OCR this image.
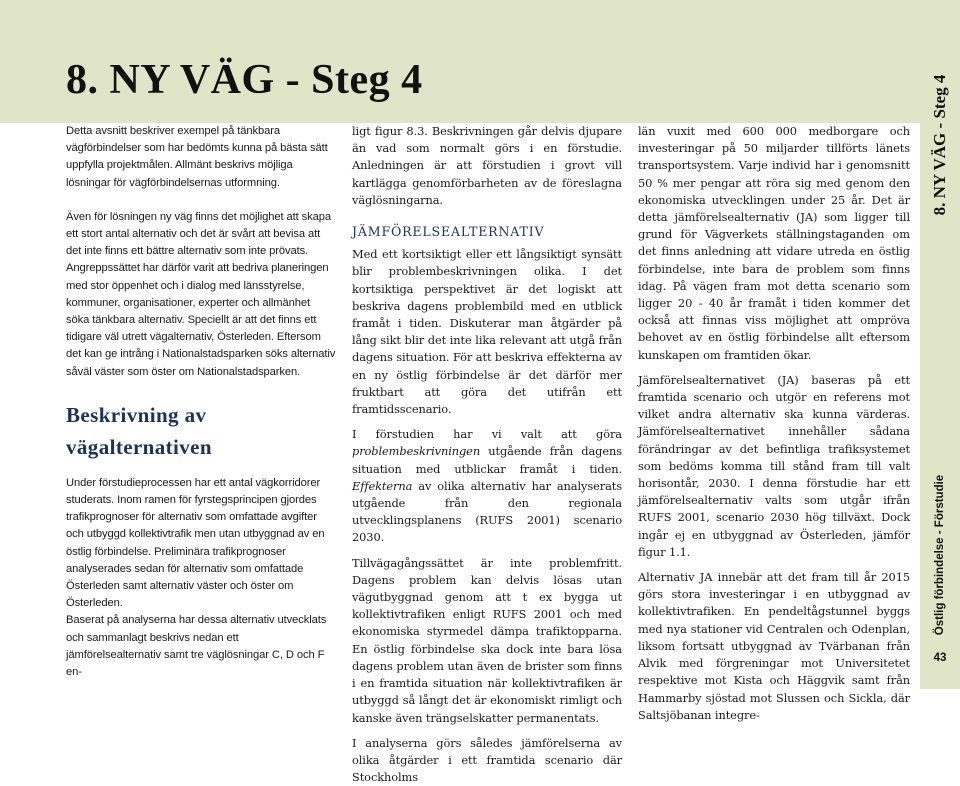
8. NY VÄG - Steg 4

Detta avsnitt beskriver exempel på tänkbara vägförbindelser som har bedömts kunna på bästa sätt uppfylla projektmålen. Allmänt beskrivs möjliga lösningar för vägförbindelsernas utformning.

Även för lösningen ny väg finns det möjlighet att skapa ett stort antal alternativ och det är svårt att bevisa att det inte finns ett bättre alternativ som inte prövats. Angreppssättet har därför varit att bedriva planeringen med stor öppenhet och i dialog med länsstyrelse, kommuner, organisationer, experter och allmänhet söka tänkbara alternativ. Speciellt är att det finns ett tidigare väl utrett vägalternativ, Österleden. Eftersom det kan ge intrång i Nationalstadsparken söks alternativ såväl väster som öster om Nationalstadsparken.

Beskrivning av vägalternativen

Under förstudieprocessen har ett antal vägkorridorer studerats. Inom ramen för fyrstegsprincipen gjordes trafikprognoser för alternativ som omfattade avgifter och utbyggd kollektivtrafik men utan utbyggnad av en östlig förbindelse. Preliminära trafikprognoser analyserades sedan för alternativ som omfattade Österleden samt alternativ väster och öster om Österleden.

Baserat på analyserna har dessa alternativ utvecklats och sammanlagt beskrivs nedan ett jämförelsealternativ samt tre väglösningar C, D och F en-

ligt figur 8.3. Beskrivningen går delvis djupare än vad som normalt görs i en förstudie. Anledningen är att förstudien i grovt vill kartlägga genomförbarheten av de föreslagna väglösningarna.

JÄMFÖRELSEALTERNATIV

Med ett kortsiktigt eller ett långsiktigt synsätt blir problembeskrivningen olika. I det kortsiktiga perspektivet är det logiskt att beskriva dagens problembild med en utblick framåt i tiden. Diskuterar man åtgärder på lång sikt blir det inte lika relevant att utgå från dagens situation. För att beskriva effekterna av en ny östlig förbindelse är det därför mer fruktbart att göra det utifrån ett framtidsscenario.

I förstudien har vi valt att göra problembeskrivningen utgående från dagens situation med utblickar framåt i tiden. Effekterna av olika alternativ har analyserats utgående från den regionala utvecklingsplanens (RUFS 2001) scenario 2030.

Tillvägagångssättet är inte problemfritt. Dagens problem kan delvis lösas utan vägutbyggnad genom att t ex bygga ut kollektivtrafiken enligt RUFS 2001 och med ekonomiska styrmedel dämpa trafiktopparna. En östlig förbindelse ska dock inte bara lösa dagens problem utan även de brister som finns i en framtida situation när kollektivtrafiken är utbyggd så långt det är ekonomiskt rimligt och kanske även trängselskatter permanentats.

I analyserna görs således jämförelserna av olika åtgärder i ett framtida scenario där Stockholms

län vuxit med 600 000 medborgare och investeringar på 50 miljarder tillförts länets transportsystem. Varje individ har i genomsnitt 50 % mer pengar att röra sig med genom den ekonomiska utvecklingen under 25 år. Det är detta jämförelsealternativ (JA) som ligger till grund för Vägverkets ställningstaganden om det finns anledning att vidare utreda en östlig förbindelse, inte bara de problem som finns idag. På vägen fram mot detta scenario som ligger 20 - 40 år framåt i tiden kommer det också att finnas viss möjlighet att ompröva behovet av en östlig förbindelse allt eftersom kunskapen om framtiden ökar.

Jämförelsealternativet (JA) baseras på ett framtida scenario och utgör en referens mot vilket andra alternativ ska kunna värderas. Jämförelsealternativet innehåller sådana förändringar av det befintliga trafiksystemet som bedöms komma till stånd fram till valt horisontår, 2030. I denna förstudie har ett jämförelsealternativ valts som utgår ifrån RUFS 2001, scenario 2030 hög tillväxt. Dock ingår ej en utbyggnad av Österleden, jämför figur 1.1.

Alternativ JA innebär att det fram till år 2015 görs stora investeringar i en utbyggnad av kollektivtrafiken. En pendeltågstunnel byggs med nya stationer vid Centralen och Odenplan, liksom fortsatt utbyggnad av Tvärbanan från Alvik med förgreningar mot Universitetet respektive mot Kista och Häggvik samt från Hammarby sjöstad mot Slussen och Sickla, där Saltsjöbanan integre-

8. NY VÄG - Steg 4
Östlig förbindelse - Förstudie
43
